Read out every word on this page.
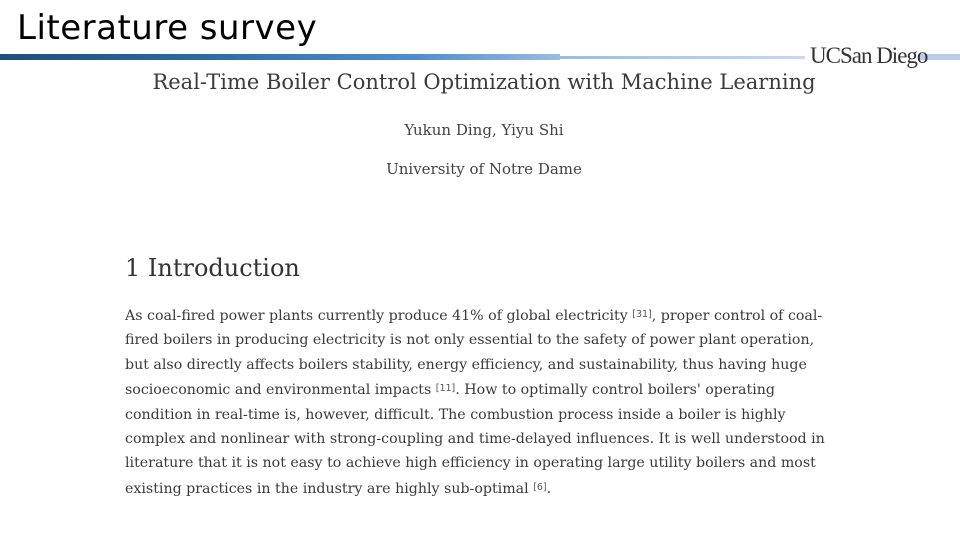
Literature survey
UCSan Diego
Real-Time Boiler Control Optimization with Machine Learning
Yukun Ding, Yiyu Shi
University of Notre Dame
1 Introduction
As coal-fired power plants currently produce 41% of global electricity [31], proper control of coal-
fired boilers in producing electricity is not only essential to the safety of power plant operation,
but also directly affects boilers stability, energy efficiency, and sustainability, thus having huge
socioeconomic and environmental impacts [11]. How to optimally control boilers' operating
condition in real-time is, however, difficult. The combustion process inside a boiler is highly
complex and nonlinear with strong-coupling and time-delayed influences. It is well understood in
literature that it is not easy to achieve high efficiency in operating large utility boilers and most
existing practices in the industry are highly sub-optimal [6].
